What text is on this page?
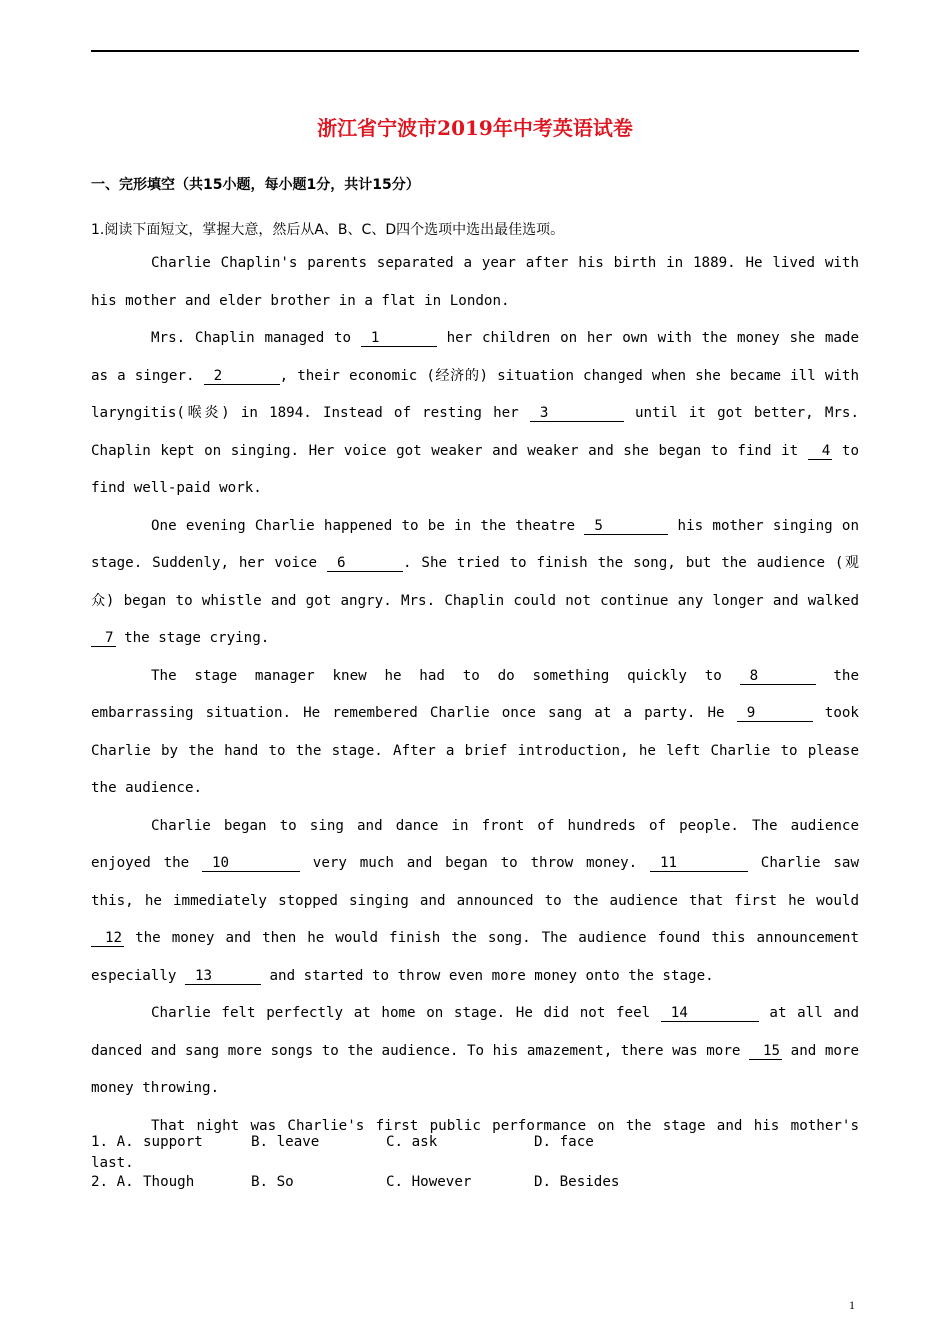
浙江省宁波市2019年中考英语试卷
一、完形填空（共15小题，每小题1分，共计15分）
1.阅读下面短文，掌握大意，然后从A、B、C、D四个选项中选出最佳选项。

Charlie Chaplin's parents separated a year after his birth in 1889. He lived with his mother and elder brother in a flat in London.

Mrs. Chaplin managed to 1	her children on her own with the money she made as a singer. 2	, their economic (经济的) situation changed when she became ill with laryngitis(喉炎) in 1894. Instead of resting her 3	until it got better, Mrs. Chaplin kept on singing. Her voice got weaker and weaker and she began to find it 4 to find well-paid work.

One evening Charlie happened to be in the theatre 5	his mother singing on stage. Suddenly, her voice 6	. She tried to finish the song, but the audience (观众) began to whistle and got angry. Mrs. Chaplin could not continue any longer and walked 7 the stage crying.

The stage manager knew he had to do something quickly to 8	the embarrassing situation. He remembered Charlie once sang at a party. He 9	took Charlie by the hand to the stage. After a brief introduction, he left Charlie to please the audience.

Charlie began to sing and dance in front of hundreds of people. The audience enjoyed the 10	very much and began to throw money. 11	Charlie saw this, he immediately stopped singing and announced to the audience that first he would 12 the money and then he would finish the song. The audience found this announcement especially 13	and started to throw even more money onto the stage.

Charlie felt perfectly at home on stage. He did not feel 14	at all and danced and sang more songs to the audience. To his amazement, there was more 15 and more money throwing.

That night was Charlie's first public performance on the stage and his mother's last.

1. A. support	B. leave	C. ask	D. face
2. A. Though	B. So	C. However	D. Besides
1
